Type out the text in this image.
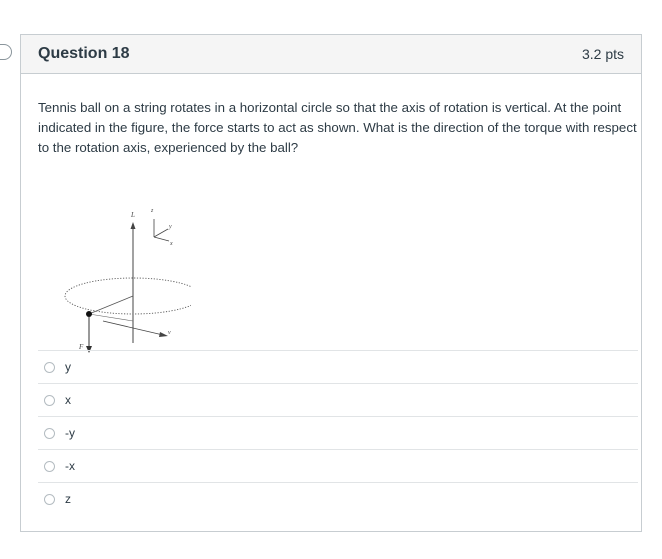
Question 18	3.2 pts
Tennis ball on a string rotates in a horizontal circle so that the axis of rotation is vertical. At the point indicated in the figure, the force starts to act as shown. What is the direction of the torque with respect to the rotation axis, experienced by the ball?
L	z
y
x
v
F
y
x
-y
-x
z
